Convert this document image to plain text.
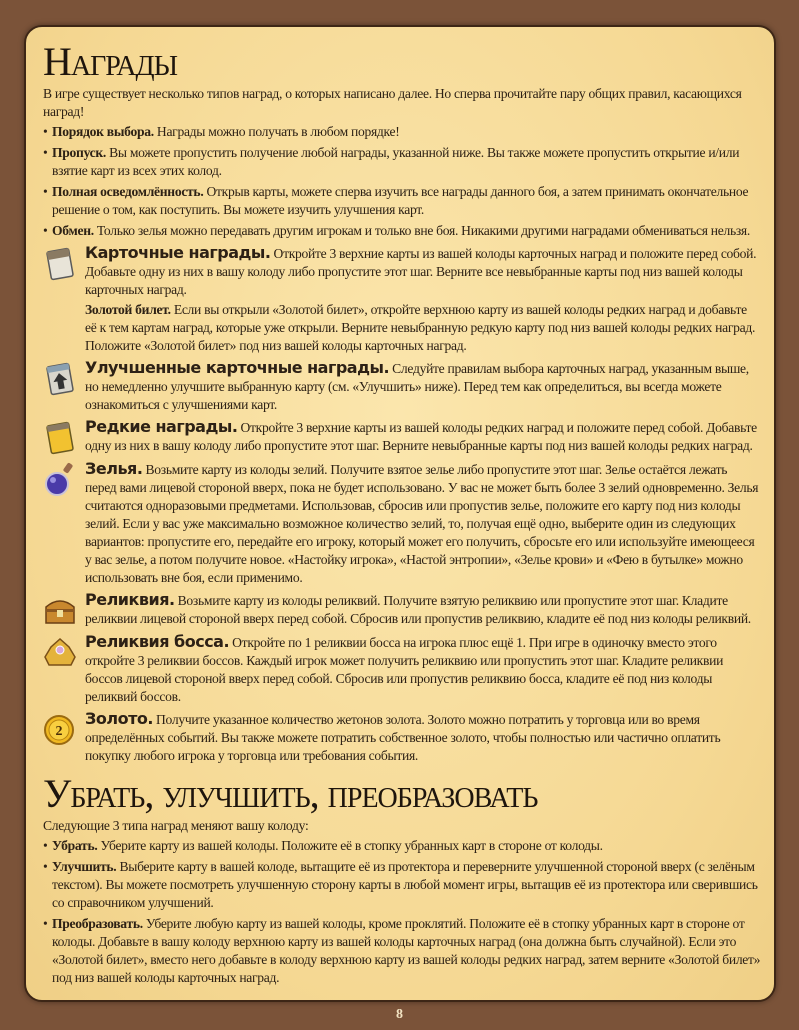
Награды

В игре существует несколько типов наград, о которых написано далее. Но сперва прочитайте пару общих правил, касающихся наград!

• Порядок выбора. Награды можно получать в любом порядке!
• Пропуск. Вы можете пропустить получение любой награды, указанной ниже. Вы также можете пропустить открытие и/или взятие карт из всех этих колод.
• Полная осведомлённость. Открыв карты, можете сперва изучить все награды данного боя, а затем принимать окончательное решение о том, как поступить. Вы можете изучить улучшения карт.
• Обмен. Только зелья можно передавать другим игрокам и только вне боя. Никакими другими наградами обмениваться нельзя.

Карточные награды. Откройте 3 верхние карты из вашей колоды карточных наград и положите перед собой. Добавьте одну из них в вашу колоду либо пропустите этот шаг. Верните все невыбранные карты под низ вашей колоды карточных наград.

Золотой билет. Если вы открыли «Золотой билет», откройте верхнюю карту из вашей колоды редких наград и добавьте её к тем картам наград, которые уже открыли. Верните невыбранную редкую карту под низ вашей колоды редких наград. Положите «Золотой билет» под низ вашей колоды карточных наград.

Улучшенные карточные награды. Следуйте правилам выбора карточных наград, указанным выше, но немедленно улучшите выбранную карту (см. «Улучшить» ниже). Перед тем как определиться, вы всегда можете ознакомиться с улучшениями карт.

Редкие награды. Откройте 3 верхние карты из вашей колоды редких наград и положите перед собой. Добавьте одну из них в вашу колоду либо пропустите этот шаг. Верните невыбранные карты под низ вашей колоды редких наград.

Зелья. Возьмите карту из колоды зелий. Получите взятое зелье либо пропустите этот шаг. Зелье остаётся лежать перед вами лицевой стороной вверх, пока не будет использовано. У вас не может быть более 3 зелий одновременно. Зелья считаются одноразовыми предметами. Использовав, сбросив или пропустив зелье, положите его карту под низ колоды зелий. Если у вас уже максимально возможное количество зелий, то, получая ещё одно, выберите один из следующих вариантов: пропустите его, передайте его игроку, который может его получить, сбросьте его или используйте имеющееся у вас зелье, а потом получите новое. «Настойку игрока», «Настой энтропии», «Зелье крови» и «Фею в бутылке» можно использовать вне боя, если применимо.

Реликвия. Возьмите карту из колоды реликвий. Получите взятую реликвию или пропустите этот шаг. Кладите реликвии лицевой стороной вверх перед собой. Сбросив или пропустив реликвию, кладите её под низ колоды реликвий.

Реликвия босса. Откройте по 1 реликвии босса на игрока плюс ещё 1. При игре в одиночку вместо этого откройте 3 реликвии боссов. Каждый игрок может получить реликвию или пропустить этот шаг. Кладите реликвии боссов лицевой стороной вверх перед собой. Сбросив или пропустив реликвию босса, кладите её под низ колоды реликвий боссов.

2

Золото. Получите указанное количество жетонов золота. Золото можно потратить у торговца или во время определённых событий. Вы также можете потратить собственное золото, чтобы полностью или частично оплатить покупку любого игрока у торговца или требования события.

Убрать, улучшить, преобразовать

Следующие 3 типа наград меняют вашу колоду:

• Убрать. Уберите карту из вашей колоды. Положите её в стопку убранных карт в стороне от колоды.
• Улучшить. Выберите карту в вашей колоде, вытащите её из протектора и переверните улучшенной стороной вверх (с зелёным текстом). Вы можете посмотреть улучшенную сторону карты в любой момент игры, вытащив её из протектора или сверившись со справочником улучшений.
• Преобразовать. Уберите любую карту из вашей колоды, кроме проклятий. Положите её в стопку убранных карт в стороне от колоды. Добавьте в вашу колоду верхнюю карту из вашей колоды карточных наград (она должна быть случайной). Если это «Золотой билет», вместо него добавьте в колоду верхнюю карту из вашей колоды редких наград, затем верните «Золотой билет» под низ вашей колоды карточных наград.
8
